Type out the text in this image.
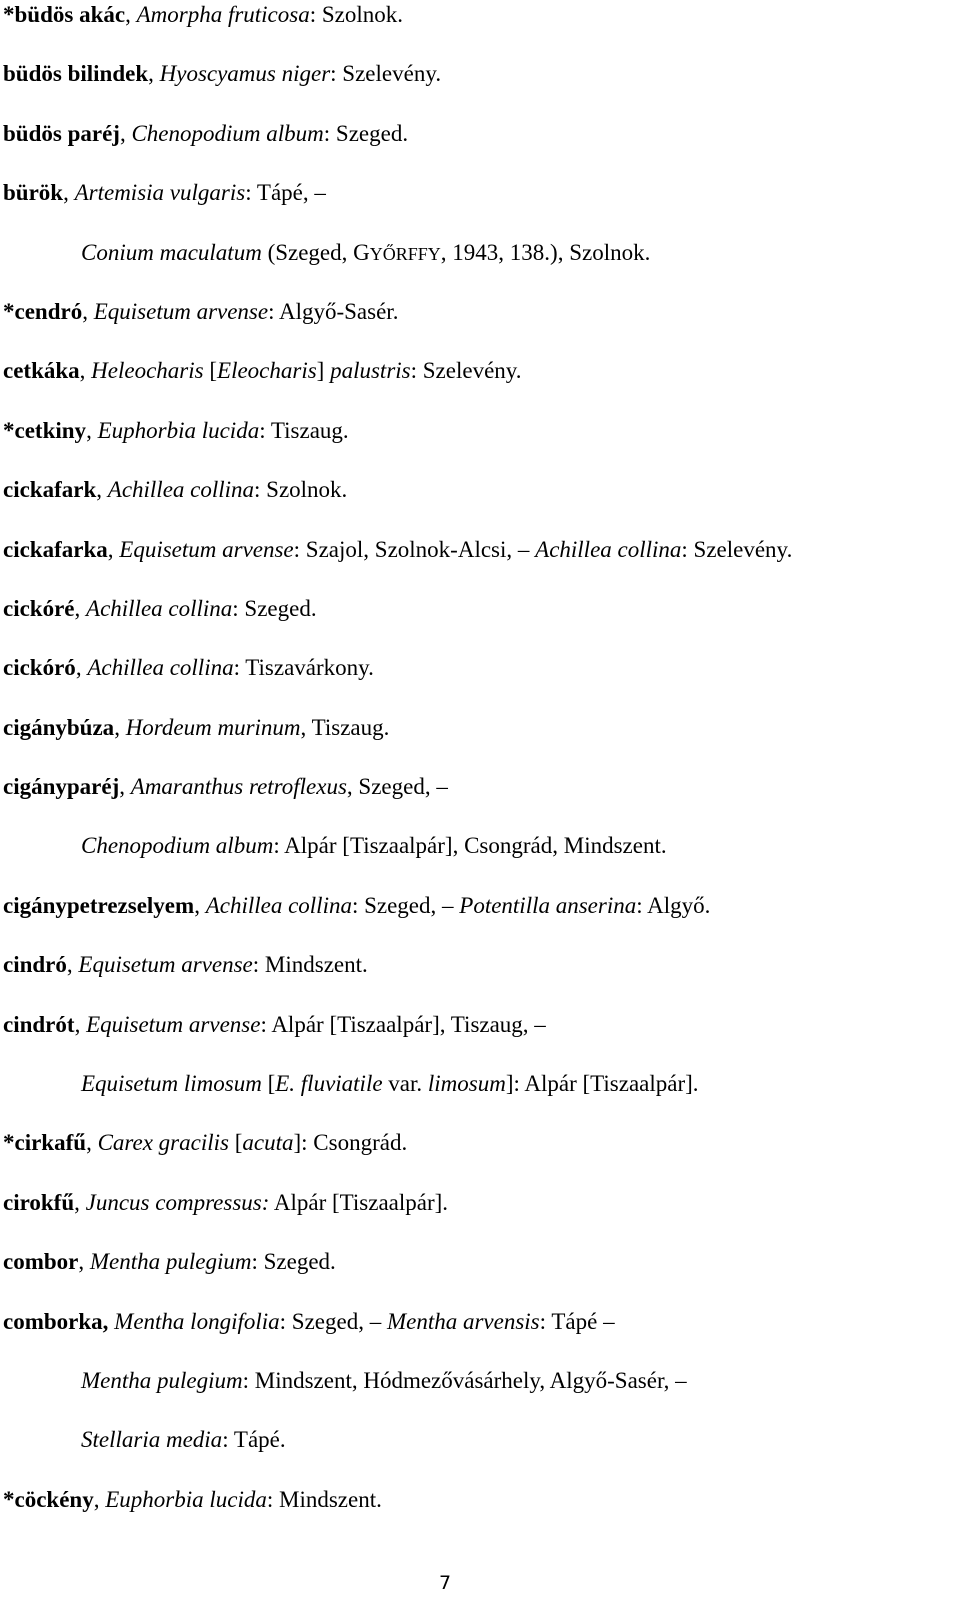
*büdös akác, Amorpha fruticosa: Szolnok.
büdös bilindek, Hyoscyamus niger: Szelevény.
büdös paréj, Chenopodium album: Szeged.
bürök, Artemisia vulgaris: Tápé, –
Conium maculatum (Szeged, GYŐRFFY, 1943, 138.), Szolnok.
*cendró, Equisetum arvense: Algyő-Sasér.
cetkáka, Heleocharis [Eleocharis] palustris: Szelevény.
*cetkiny, Euphorbia lucida: Tiszaug.
cickafark, Achillea collina: Szolnok.
cickafarka, Equisetum arvense: Szajol, Szolnok-Alcsi, – Achillea collina: Szelevény.
cickóré, Achillea collina: Szeged.
cickóró, Achillea collina: Tiszavárkony.
cigánybúza, Hordeum murinum, Tiszaug.
cigányparéj, Amaranthus retroflexus, Szeged, –
Chenopodium album: Alpár [Tiszaalpár], Csongrád, Mindszent.
cigánypetrezselyem, Achillea collina: Szeged, – Potentilla anserina: Algyő.
cindró, Equisetum arvense: Mindszent.
cindrót, Equisetum arvense: Alpár [Tiszaalpár], Tiszaug, –
Equisetum limosum [E. fluviatile var. limosum]: Alpár [Tiszaalpár].
*cirkafű, Carex gracilis [acuta]: Csongrád.
cirokfű, Juncus compressus: Alpár [Tiszaalpár].
combor, Mentha pulegium: Szeged.
comborka, Mentha longifolia: Szeged, – Mentha arvensis: Tápé –
Mentha pulegium: Mindszent, Hódmezővásárhely, Algyő-Sasér, –
Stellaria media: Tápé.
*cöckény, Euphorbia lucida: Mindszent.
7
